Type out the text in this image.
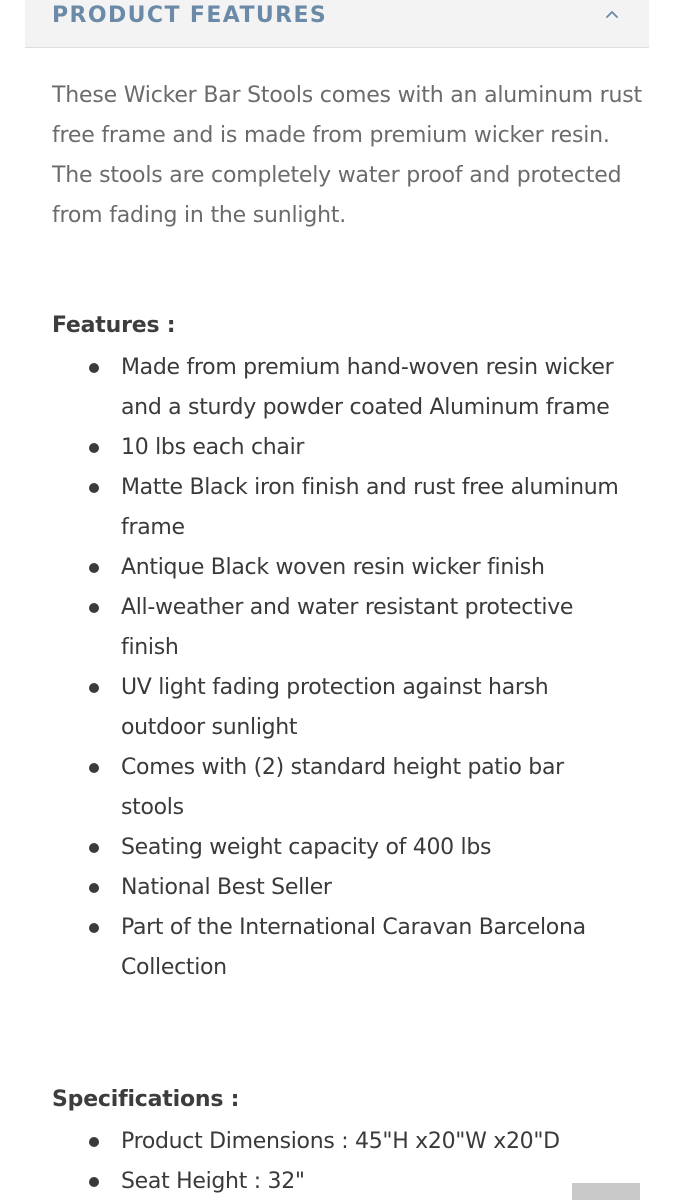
PRODUCT FEATURES

These Wicker Bar Stools comes with an aluminum rust free frame and is made from premium wicker resin. The stools are completely water proof and protected from fading in the sunlight.

Features :
Made from premium hand-woven resin wicker and a sturdy powder coated Aluminum frame
10 lbs each chair
Matte Black iron finish and rust free aluminum frame
Antique Black woven resin wicker finish
All-weather and water resistant protective finish
UV light fading protection against harsh outdoor sunlight
Comes with (2) standard height patio bar stools
Seating weight capacity of 400 lbs
National Best Seller
Part of the International Caravan Barcelona Collection
Specifications :
Product Dimensions : 45"H x20"W x20"D
Seat Height : 32"
